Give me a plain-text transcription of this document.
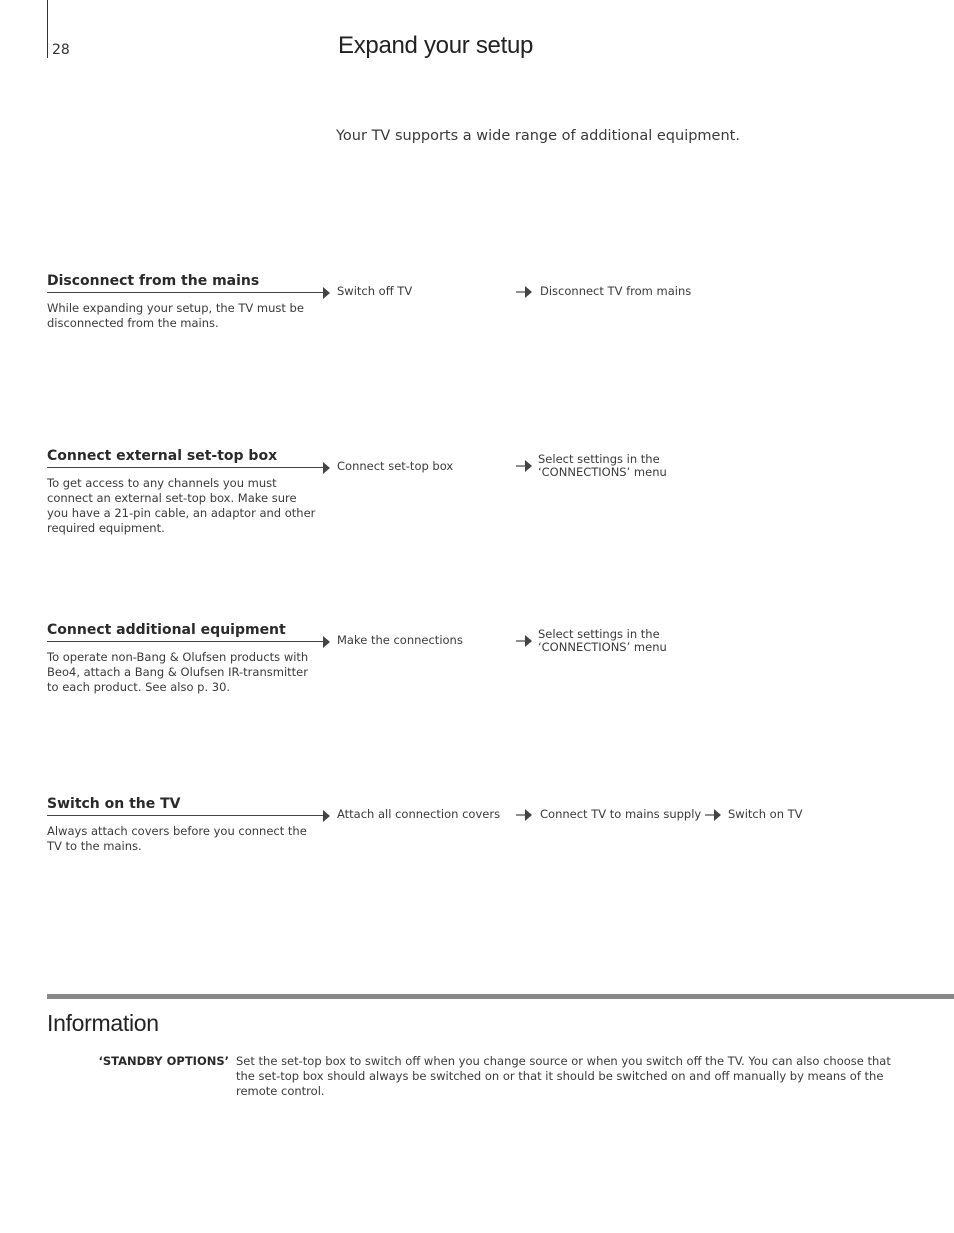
28	Expand your setup

Your TV supports a wide range of additional equipment.

Disconnect from the mains
While expanding your setup, the TV must be disconnected from the mains.
Switch off TV	Disconnect TV from mains
Connect external set-top box
To get access to any channels you must connect an external set-top box. Make sure you have a 21-pin cable, an adaptor and other required equipment.
Connect set-top box	Select settings in the
‘CONNECTIONS’ menu
Connect additional equipment
To operate non-Bang & Olufsen products with Beo4, attach a Bang & Olufsen IR-transmitter to each product. See also p. 30.
Make the connections	Select settings in the
‘CONNECTIONS’ menu
Switch on the TV
Always attach covers before you connect the TV to the mains.
Attach all connection covers	Connect TV to mains supply Switch on TV
Information
‘STANDBY OPTIONS’ Set the set-top box to switch off when you change source or when you switch off the TV. You can also choose that the set-top box should always be switched on or that it should be switched on and off manually by means of the remote control.
